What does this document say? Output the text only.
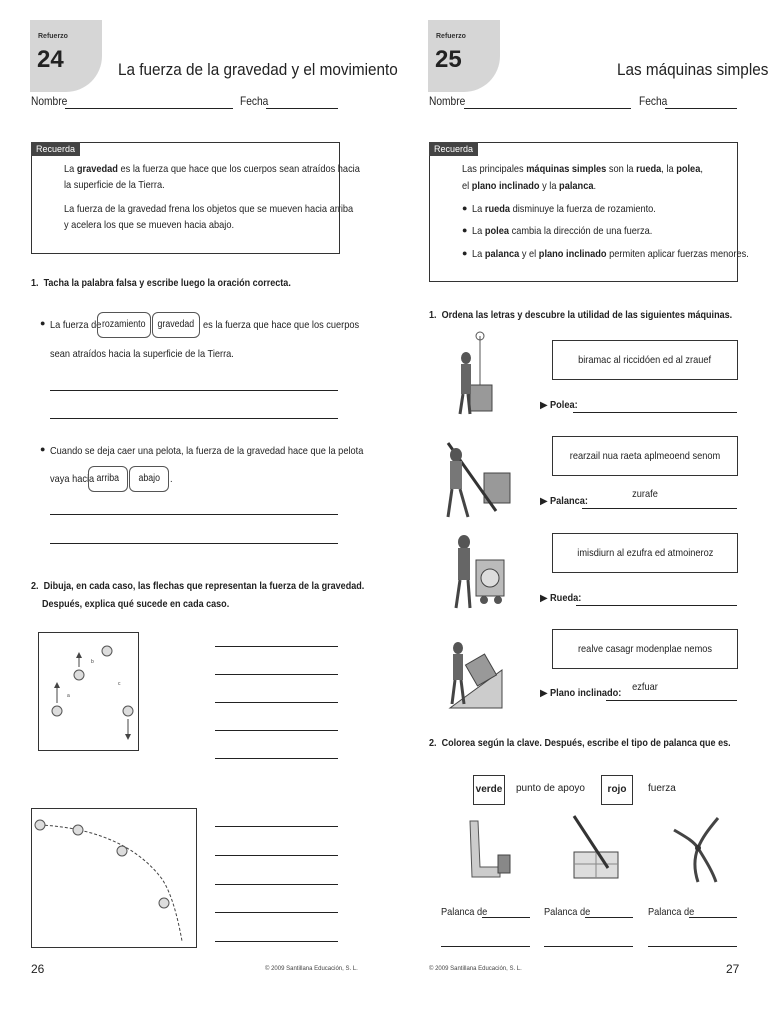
Refuerzo
24	La fuerza de la gravedad y el movimiento
Nombre	Fecha
Recuerda
La gravedad es la fuerza que hace que los cuerpos sean atraídos hacia
la superficie de la Tierra.
La fuerza de la gravedad frena los objetos que se mueven hacia arriba
y acelera los que se mueven hacia abajo.
1. Tacha la palabra falsa y escribe luego la oración correcta.
● La fuerza de rozamiento	gravedad es la fuerza que hace que los cuerpos
sean atraídos hacia la superficie de la Tierra.
● Cuando se deja caer una pelota, la fuerza de la gravedad hace que la pelota
vaya hacia arriba	abajo .
2. Dibuja, en cada caso, las flechas que representan la fuerza de la gravedad.
Después, explica qué sucede en cada caso.
a
b
c
26	© 2009 Santillana Educación, S. L.
Refuerzo
25	Las máquinas simples
Nombre	Fecha
Recuerda
Las principales máquinas simples son la rueda, la polea,
el plano inclinado y la palanca.
● La rueda disminuye la fuerza de rozamiento.
● La polea cambia la dirección de una fuerza.
● La palanca y el plano inclinado permiten aplicar fuerzas menores.
1. Ordena las letras y descubre la utilidad de las siguientes máquinas.
biramac al riccidóen ed al zrauef
▶ Polea:
rearzail nua raeta aplmeoend senom zurafe
▶ Palanca:
imisdiurn al ezufra ed atmoineroz
▶ Rueda:
realve casagr modenplae nemos ezfuar
▶ Plano inclinado:
2. Colorea según la clave. Después, escribe el tipo de palanca que es.
verde punto de apoyo	rojo	fuerza
Palanca de	Palanca de	Palanca de
© 2009 Santillana Educación, S. L.	27
